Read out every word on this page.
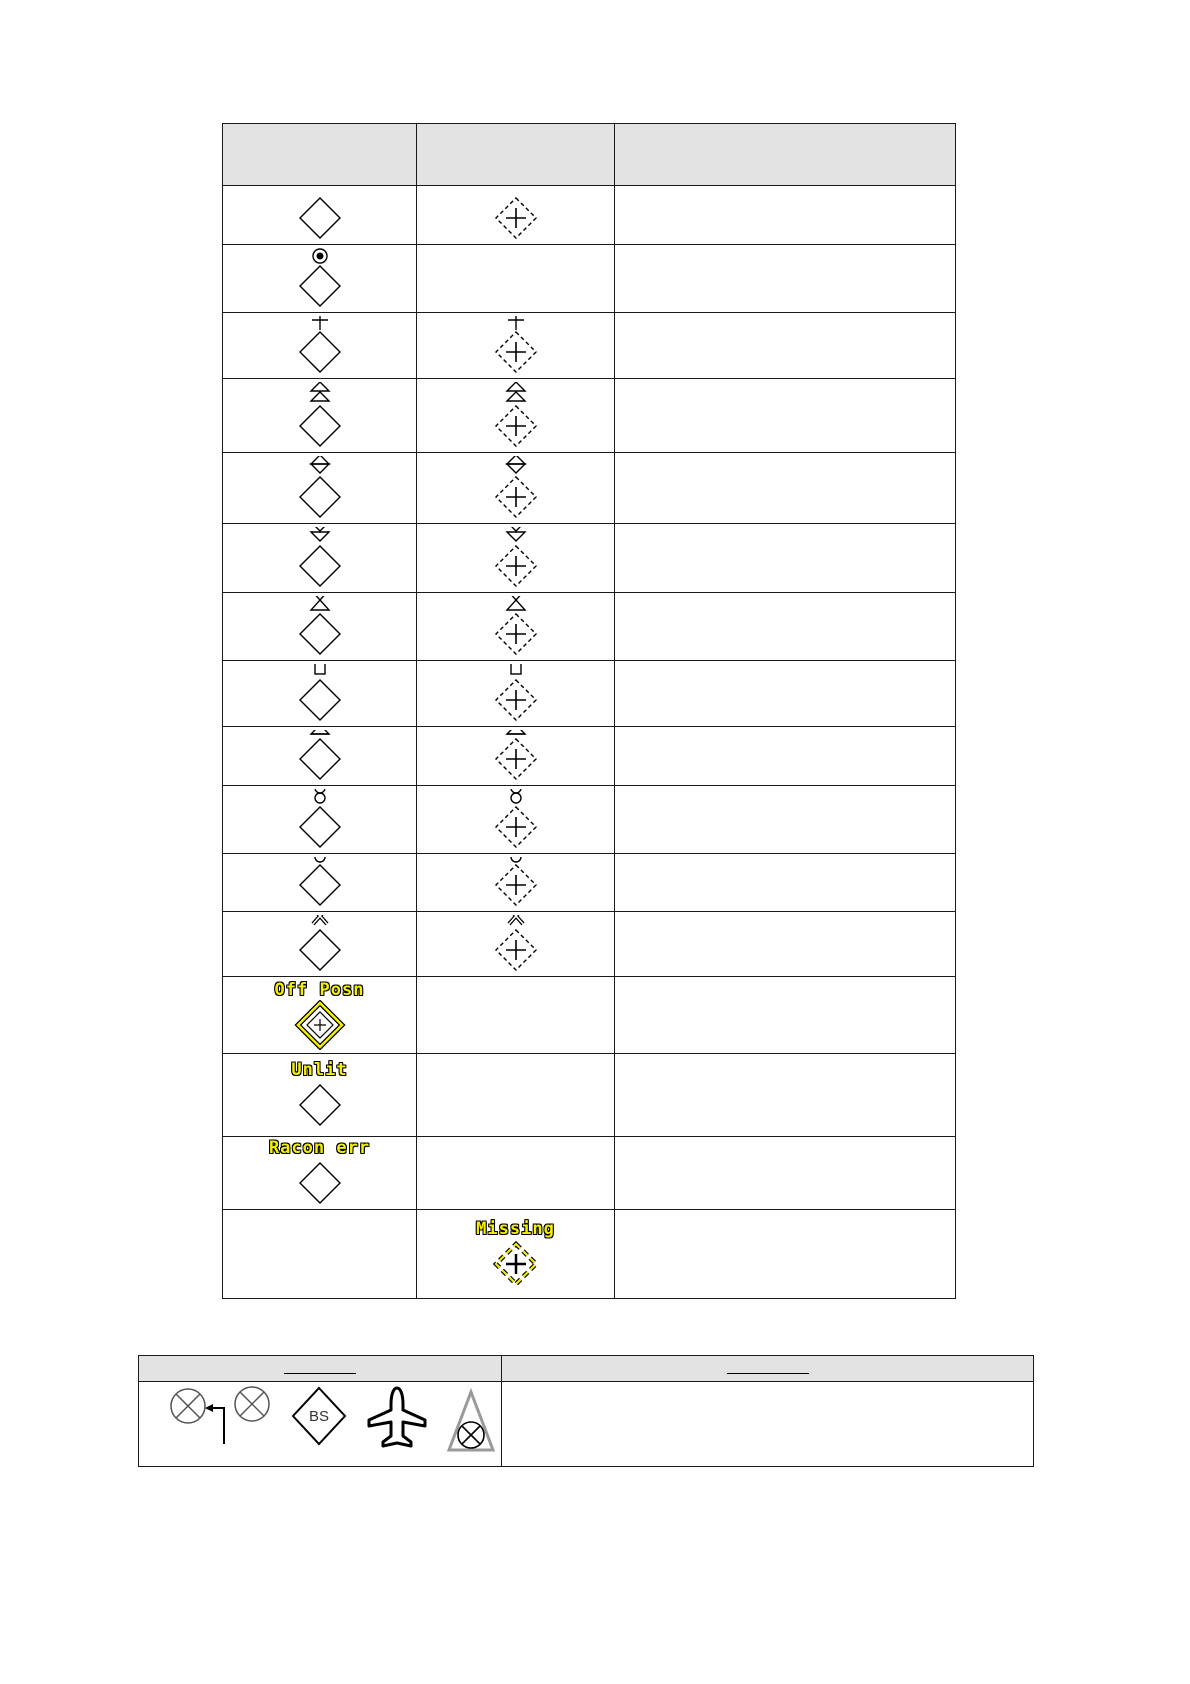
Off Posn		

Unlit		

Racon err		

	Missing	

BS	
